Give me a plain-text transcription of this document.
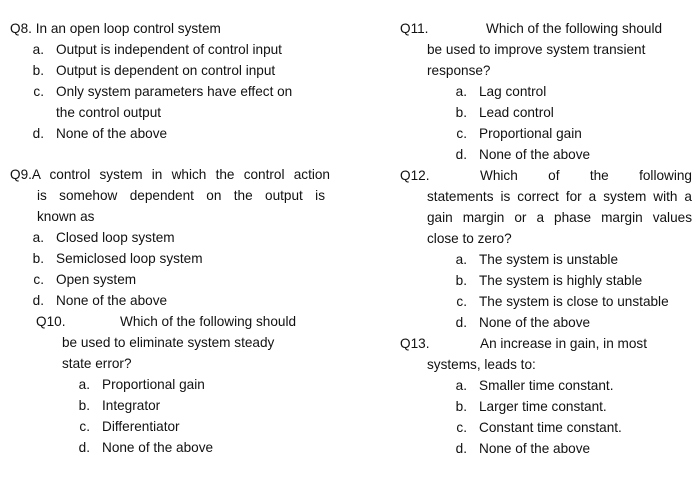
Q8. In an open loop control system
a. Output is independent of control input
b. Output is dependent on control input
c. Only system parameters have effect on
the control output
d. None of the above
Q9. A control system in which the control action
is somehow dependent on the output is
known as
a. Closed loop system
b. Semiclosed loop system
c. Open system
d. None of the above
Q10.	Which of the following should
be used to eliminate system steady
state error?
a. Proportional gain
b. Integrator
c. Differentiator
d. None of the above
Q11.	Which of the following should
be used to improve system transient
response?
a. Lag control
b. Lead control
c. Proportional gain
d. None of the above
Q12.	Which of the following
statements is correct for a system with a
gain margin or a phase margin values
close to zero?
a. The system is unstable
b. The system is highly stable
c. The system is close to unstable
d. None of the above
Q13.	An increase in gain, in most
systems, leads to:
a. Smaller time constant.
b. Larger time constant.
c. Constant time constant.
d. None of the above
